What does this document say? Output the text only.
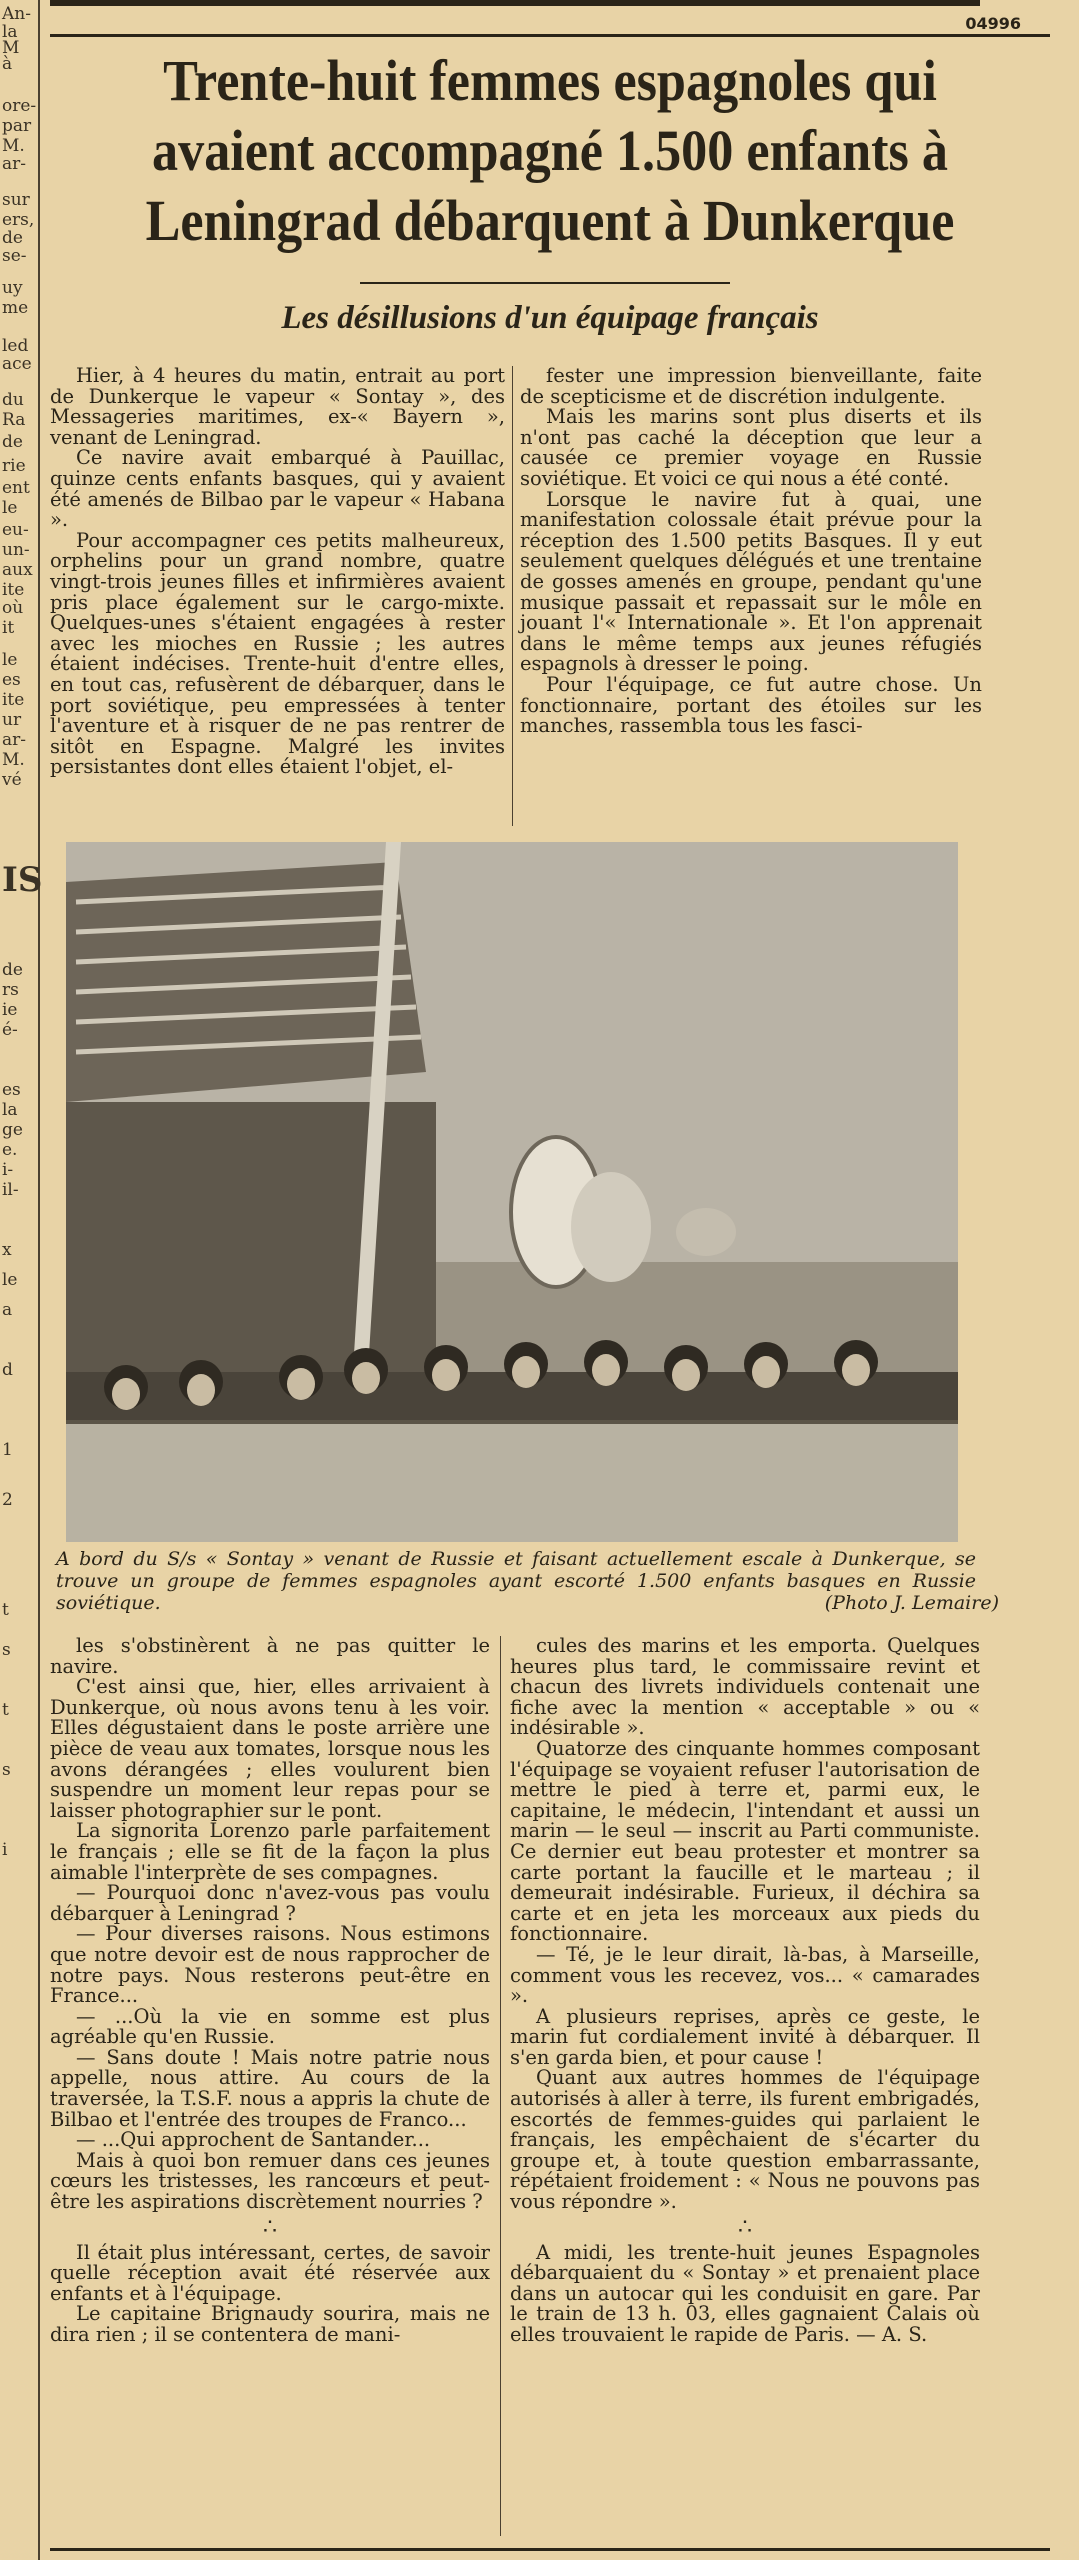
An-
la
M
à
ore-
par
M.
ar-
sur
ers,
de
se-
uy
me
led
ace
du
Ra
de
rie
ent
le
eu-
un-
aux
ite
où
it
le
es
ite
ur
ar-
M.
vé
IS
de
rs
ie
é-
es
la
ge
e.
i-
il-
x
le
a
d
1
2
t
s
t
s
i
04996
Trente-huit femmes espagnoles qui avaient accompagné 1.500 enfants à Leningrad débarquent à Dunkerque
Les désillusions d'un équipage français

Hier, à 4 heures du matin, entrait au port de Dunkerque le vapeur « Sontay », des Messageries maritimes, ex-« Bayern », venant de Leningrad.

Ce navire avait embarqué à Pauillac, quinze cents enfants basques, qui y avaient été amenés de Bilbao par le vapeur « Habana ».

Pour accompagner ces petits malheureux, orphelins pour un grand nombre, quatre vingt-trois jeunes filles et infirmières avaient pris place également sur le cargo-mixte. Quelques-unes s'étaient engagées à rester avec les mioches en Russie ; les autres étaient indécises. Trente-huit d'entre elles, en tout cas, refusèrent de débarquer, dans le port soviétique, peu empressées à tenter l'aventure et à risquer de ne pas rentrer de sitôt en Espagne. Malgré les invites persistantes dont elles étaient l'objet, el-

fester une impression bienveillante, faite de scepticisme et de discrétion indulgente.

Mais les marins sont plus diserts et ils n'ont pas caché la déception que leur a causée ce premier voyage en Russie soviétique. Et voici ce qui nous a été conté.

Lorsque le navire fut à quai, une manifestation colossale était prévue pour la réception des 1.500 petits Basques. Il y eut seulement quelques délégués et une trentaine de gosses amenés en groupe, pendant qu'une musique passait et repassait sur le môle en jouant l'« Internationale ». Et l'on apprenait dans le même temps aux jeunes réfugiés espagnols à dresser le poing.

Pour l'équipage, ce fut autre chose. Un fonctionnaire, portant des étoiles sur les manches, rassembla tous les fasci-

A bord du S/s « Sontay » venant de Russie et faisant actuellement escale à Dunkerque, se trouve un groupe de femmes espagnoles ayant escorté 1.500 enfants basques en Russie soviétique.	(Photo J. Lemaire)

les s'obstinèrent à ne pas quitter le navire.

C'est ainsi que, hier, elles arrivaient à Dunkerque, où nous avons tenu à les voir. Elles dégustaient dans le poste arrière une pièce de veau aux tomates, lorsque nous les avons dérangées ; elles voulurent bien suspendre un moment leur repas pour se laisser photographier sur le pont.

La signorita Lorenzo parle parfaitement le français ; elle se fit de la façon la plus aimable l'interprète de ses compagnes.

— Pourquoi donc n'avez-vous pas voulu débarquer à Leningrad ?

— Pour diverses raisons. Nous estimons que notre devoir est de nous rapprocher de notre pays. Nous resterons peut-être en France...

— ...Où la vie en somme est plus agréable qu'en Russie.

— Sans doute ! Mais notre patrie nous appelle, nous attire. Au cours de la traversée, la T.S.F. nous a appris la chute de Bilbao et l'entrée des troupes de Franco...

— ...Qui approchent de Santander...

Mais à quoi bon remuer dans ces jeunes cœurs les tristesses, les rancœurs et peut-être les aspirations discrètement nourries ?

∴

Il était plus intéressant, certes, de savoir quelle réception avait été réservée aux enfants et à l'équipage.

Le capitaine Brignaudy sourira, mais ne dira rien ; il se contentera de mani-

cules des marins et les emporta. Quelques heures plus tard, le commissaire revint et chacun des livrets individuels contenait une fiche avec la mention « acceptable » ou « indésirable ».

Quatorze des cinquante hommes composant l'équipage se voyaient refuser l'autorisation de mettre le pied à terre et, parmi eux, le capitaine, le médecin, l'intendant et aussi un marin — le seul — inscrit au Parti communiste. Ce dernier eut beau protester et montrer sa carte portant la faucille et le marteau ; il demeurait indésirable. Furieux, il déchira sa carte et en jeta les morceaux aux pieds du fonctionnaire.

— Té, je le leur dirait, là-bas, à Marseille, comment vous les recevez, vos... « camarades ».

A plusieurs reprises, après ce geste, le marin fut cordialement invité à débarquer. Il s'en garda bien, et pour cause !

Quant aux autres hommes de l'équipage autorisés à aller à terre, ils furent embrigadés, escortés de femmes-guides qui parlaient le français, les empêchaient de s'écarter du groupe et, à toute question embarrassante, répétaient froidement : « Nous ne pouvons pas vous répondre ».

∴

A midi, les trente-huit jeunes Espagnoles débarquaient du « Sontay » et prenaient place dans un autocar qui les conduisit en gare. Par le train de 13 h. 03, elles gagnaient Calais où elles trouvaient le rapide de Paris. — A. S.
